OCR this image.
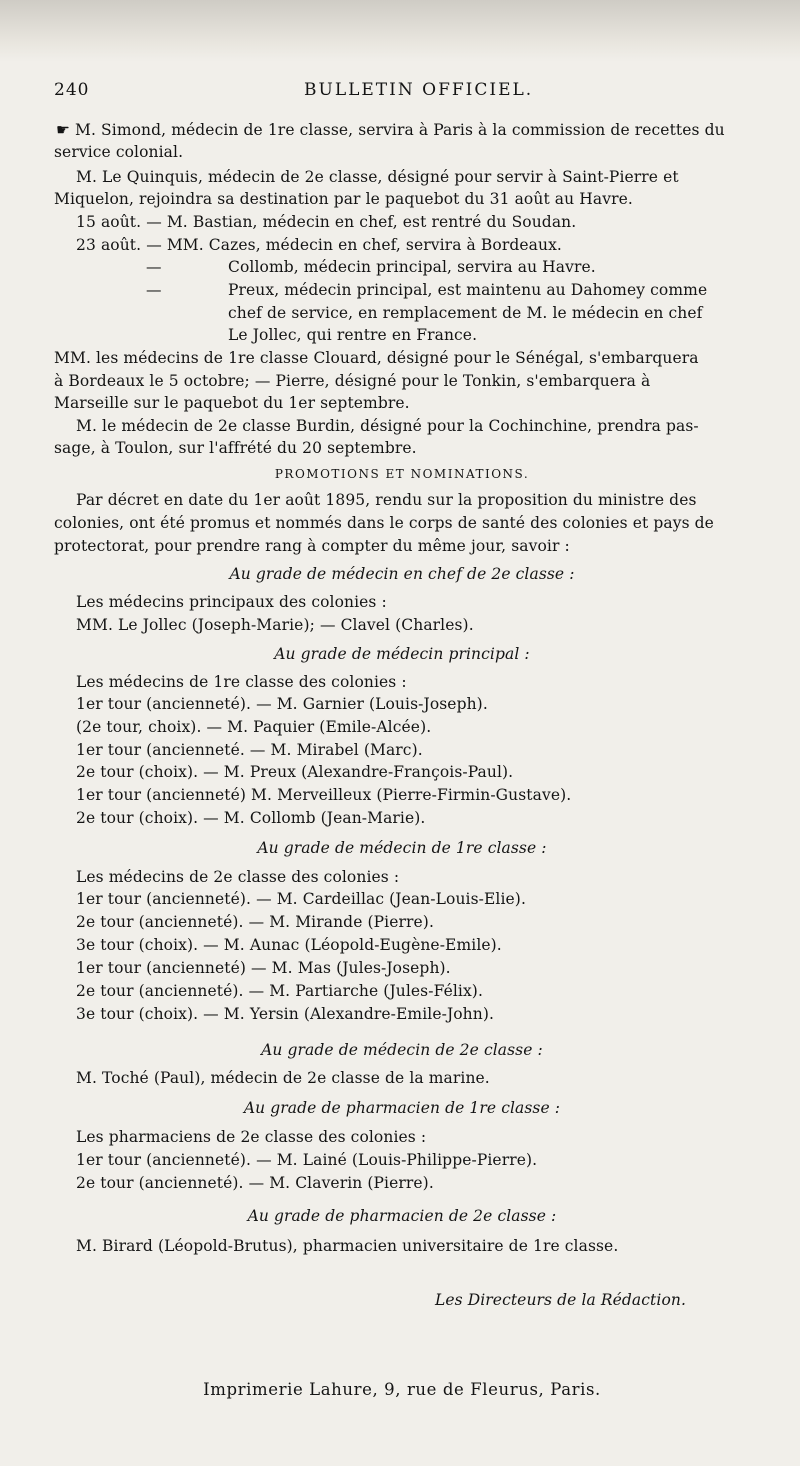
240	BULLETIN OFFICIEL.
☛ M. Simond, médecin de 1re classe, servira à Paris à la commission de recettes du
service colonial.
M. Le Quinquis, médecin de 2e classe, désigné pour servir à Saint-Pierre et
Miquelon, rejoindra sa destination par le paquebot du 31 août au Havre.
15 août. — M. Bastian, médecin en chef, est rentré du Soudan.
23 août. — MM. Cazes, médecin en chef, servira à Bordeaux.
—	Collomb, médecin principal, servira au Havre.
—	Preux, médecin principal, est maintenu au Dahomey comme
chef de service, en remplacement de M. le médecin en chef
Le Jollec, qui rentre en France.
MM. les médecins de 1re classe Clouard, désigné pour le Sénégal, s'embarquera
à Bordeaux le 5 octobre; — Pierre, désigné pour le Tonkin, s'embarquera à
Marseille sur le paquebot du 1er septembre.
M. le médecin de 2e classe Burdin, désigné pour la Cochinchine, prendra pas-
sage, à Toulon, sur l'affrété du 20 septembre.
PROMOTIONS ET NOMINATIONS.
Par décret en date du 1er août 1895, rendu sur la proposition du ministre des
colonies, ont été promus et nommés dans le corps de santé des colonies et pays de
protectorat, pour prendre rang à compter du même jour, savoir :
Au grade de médecin en chef de 2e classe :
Les médecins principaux des colonies :
MM. Le Jollec (Joseph-Marie); — Clavel (Charles).
Au grade de médecin principal :
Les médecins de 1re classe des colonies :
1er tour (ancienneté). — M. Garnier (Louis-Joseph).
(2e tour, choix). — M. Paquier (Emile-Alcée).
1er tour (ancienneté. — M. Mirabel (Marc).
2e tour (choix). — M. Preux (Alexandre-François-Paul).
1er tour (ancienneté) M. Merveilleux (Pierre-Firmin-Gustave).
2e tour (choix). — M. Collomb (Jean-Marie).
Au grade de médecin de 1re classe :
Les médecins de 2e classe des colonies :
1er tour (ancienneté). — M. Cardeillac (Jean-Louis-Elie).
2e tour (ancienneté). — M. Mirande (Pierre).
3e tour (choix). — M. Aunac (Léopold-Eugène-Emile).
1er tour (ancienneté) — M. Mas (Jules-Joseph).
2e tour (ancienneté). — M. Partiarche (Jules-Félix).
3e tour (choix). — M. Yersin (Alexandre-Emile-John).
Au grade de médecin de 2e classe :
M. Toché (Paul), médecin de 2e classe de la marine.
Au grade de pharmacien de 1re classe :
Les pharmaciens de 2e classe des colonies :
1er tour (ancienneté). — M. Lainé (Louis-Philippe-Pierre).
2e tour (ancienneté). — M. Claverin (Pierre).
Au grade de pharmacien de 2e classe :
M. Birard (Léopold-Brutus), pharmacien universitaire de 1re classe.
Les Directeurs de la Rédaction.
Imprimerie Lahure, 9, rue de Fleurus, Paris.
